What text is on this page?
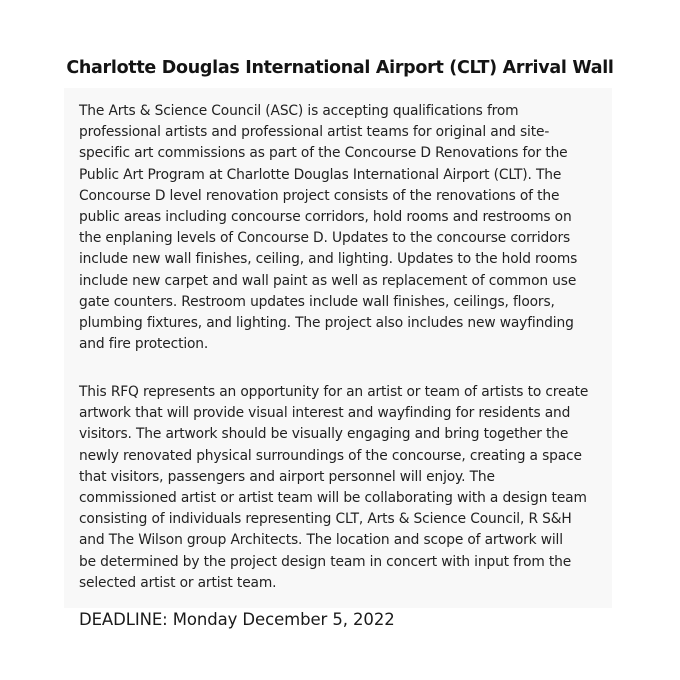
Charlotte Douglas International Airport (CLT) Arrival Wall

The Arts & Science Council (ASC) is accepting qualifications from
professional artists and professional artist teams for original and site-
specific art commissions as part of the Concourse D Renovations for the
Public Art Program at Charlotte Douglas International Airport (CLT). The
Concourse D level renovation project consists of the renovations of the
public areas including concourse corridors, hold rooms and restrooms on
the enplaning levels of Concourse D. Updates to the concourse corridors
include new wall finishes, ceiling, and lighting. Updates to the hold rooms
include new carpet and wall paint as well as replacement of common use
gate counters. Restroom updates include wall finishes, ceilings, floors,
plumbing fixtures, and lighting. The project also includes new wayfinding
and fire protection.

This RFQ represents an opportunity for an artist or team of artists to create
artwork that will provide visual interest and wayfinding for residents and
visitors. The artwork should be visually engaging and bring together the
newly renovated physical surroundings of the concourse, creating a space
that visitors, passengers and airport personnel will enjoy. The
commissioned artist or artist team will be collaborating with a design team
consisting of individuals representing CLT, Arts & Science Council, R S&H
and The Wilson group Architects. The location and scope of artwork will
be determined by the project design team in concert with input from the
selected artist or artist team.

DEADLINE: Monday December 5, 2022
